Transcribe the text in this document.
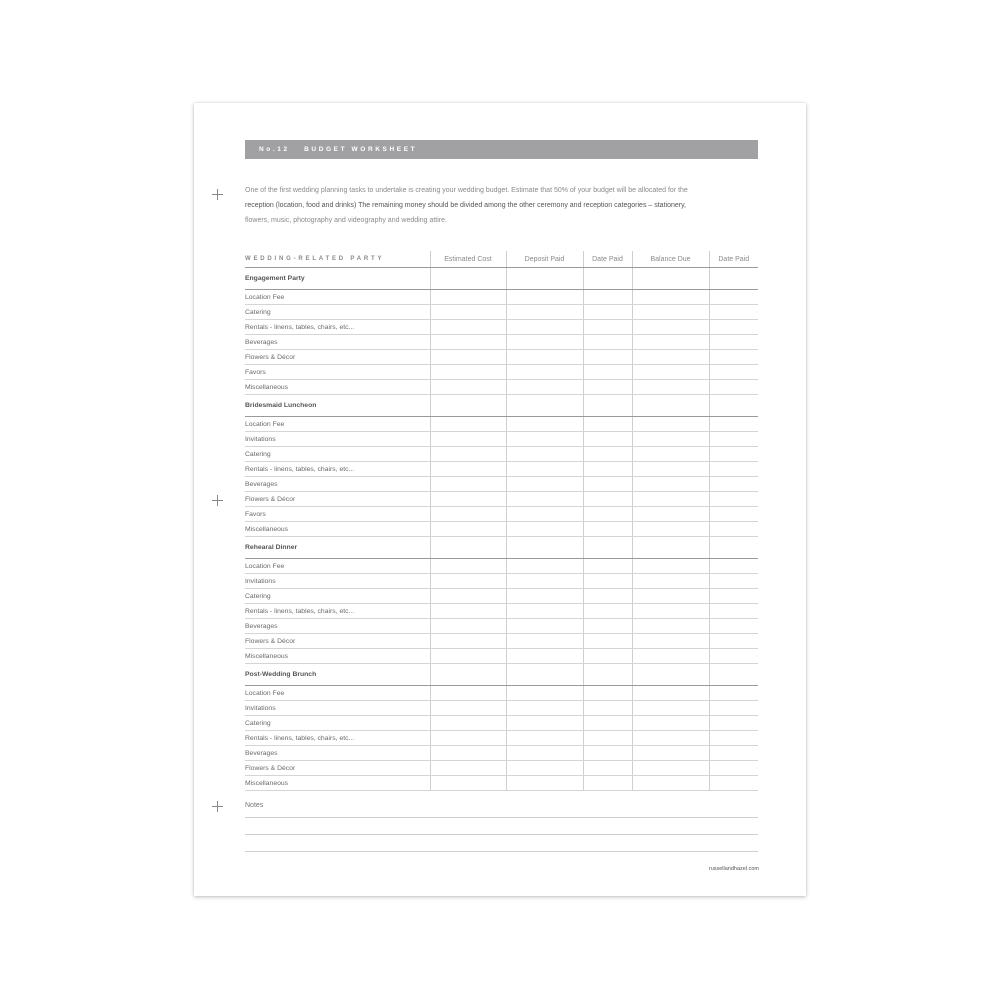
No.12 BUDGET WORKSHEET
One of the first wedding planning tasks to undertake is creating your wedding budget. Estimate that 50% of your budget will be allocated for the
reception (location, food and drinks) The remaining money should be divided among the other ceremony and reception categories – stationery,
flowers, music, photography and videography and wedding attire.
WEDDING-RELATED PARTY	Estimated Cost	Deposit Paid	Date Paid	Balance Due	Date Paid
Engagement Party					
Location Fee					
Catering					
Rentals - linens, tables, chairs, etc...					
Beverages					
Flowers & Décor					
Favors					
Miscellaneous					
Bridesmaid Luncheon					
Location Fee					
Invitations					
Catering					
Rentals - linens, tables, chairs, etc...					
Beverages					
Flowers & Décor					
Favors					
Miscellaneous					
Rehearal Dinner					
Location Fee					
Invitations					
Catering					
Rentals - linens, tables, chairs, etc...					
Beverages					
Flowers & Décor					
Miscellaneous					
Post-Wedding Brunch					
Location Fee					
Invitations					
Catering					
Rentals - linens, tables, chairs, etc...					
Beverages					
Flowers & Décor					
Miscellaneous					
Notes
russellandhazel.com
